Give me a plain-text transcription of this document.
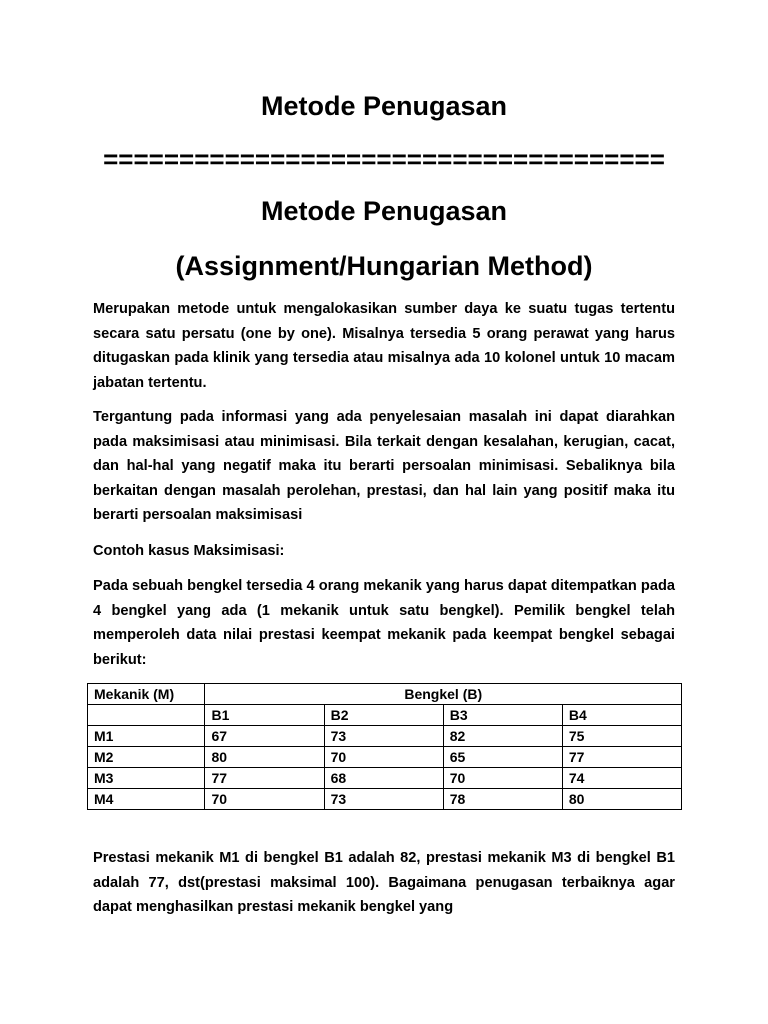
Metode Penugasan
=====================================
Metode Penugasan
(Assignment/Hungarian Method)

Merupakan metode untuk mengalokasikan sumber daya ke suatu tugas tertentu secara satu persatu (one by one). Misalnya tersedia 5 orang perawat yang harus ditugaskan pada klinik yang tersedia atau misalnya ada 10 kolonel untuk 10 macam jabatan tertentu.

Tergantung pada informasi yang ada penyelesaian masalah ini dapat diarahkan pada maksimisasi atau minimisasi. Bila terkait dengan kesalahan, kerugian, cacat, dan hal-hal yang negatif maka itu berarti persoalan minimisasi. Sebaliknya bila berkaitan dengan masalah perolehan, prestasi, dan hal lain yang positif maka itu berarti persoalan maksimisasi

Contoh kasus Maksimisasi:

Pada sebuah bengkel tersedia 4 orang mekanik yang harus dapat ditempatkan pada 4 bengkel yang ada (1 mekanik untuk satu bengkel). Pemilik bengkel telah memperoleh data nilai prestasi keempat mekanik pada keempat bengkel sebagai berikut:

Mekanik (M)	Bengkel (B)			
	B1	B2	B3	B4
M1	67	73	82	75
M2	80	70	65	77
M3	77	68	70	74
M4	70	73	78	80

Prestasi mekanik M1 di bengkel B1 adalah 82, prestasi mekanik M3 di bengkel B1 adalah 77, dst(prestasi maksimal 100). Bagaimana penugasan terbaiknya agar dapat menghasilkan prestasi mekanik bengkel yang
